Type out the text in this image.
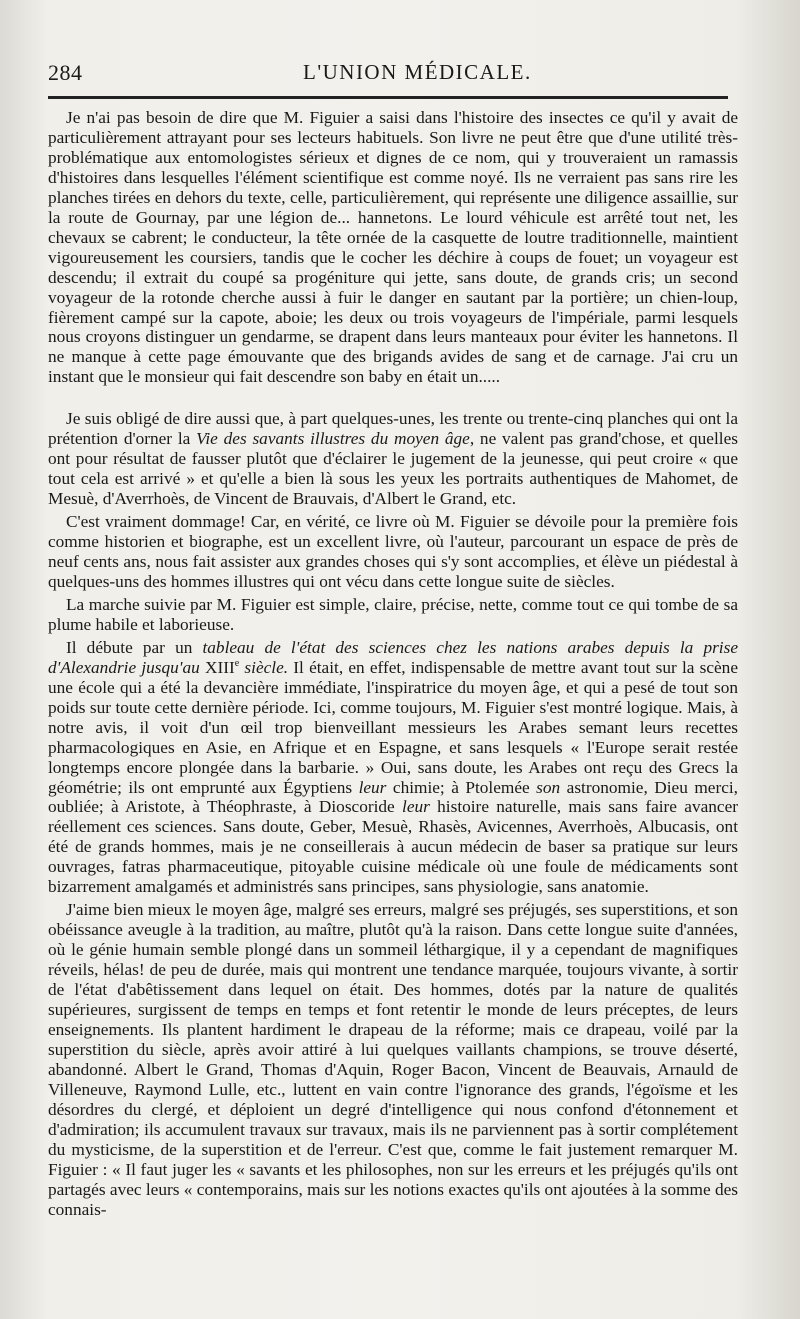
284	L'UNION MÉDICALE.

Je n'ai pas besoin de dire que M. Figuier a saisi dans l'histoire des insectes ce qu'il y avait de particulièrement attrayant pour ses lecteurs habituels. Son livre ne peut être que d'une utilité très-problématique aux entomologistes sérieux et dignes de ce nom, qui y trouveraient un ramassis d'histoires dans lesquelles l'élément scientifique est comme noyé. Ils ne verraient pas sans rire les planches tirées en dehors du texte, celle, particulièrement, qui représente une diligence assaillie, sur la route de Gournay, par une légion de... hannetons. Le lourd véhicule est arrêté tout net, les chevaux se cabrent; le conducteur, la tête ornée de la casquette de loutre traditionnelle, maintient vigoureusement les coursiers, tandis que le cocher les déchire à coups de fouet; un voyageur est descendu; il extrait du coupé sa progéniture qui jette, sans doute, de grands cris; un second voyageur de la rotonde cherche aussi à fuir le danger en sautant par la portière; un chien-loup, fièrement campé sur la capote, aboie; les deux ou trois voyageurs de l'impériale, parmi lesquels nous croyons distinguer un gendarme, se drapent dans leurs manteaux pour éviter les hannetons. Il ne manque à cette page émouvante que des brigands avides de sang et de carnage. J'ai cru un instant que le monsieur qui fait descendre son baby en était un.....

Je suis obligé de dire aussi que, à part quelques-unes, les trente ou trente-cinq planches qui ont la prétention d'orner la Vie des savants illustres du moyen âge, ne valent pas grand'chose, et quelles ont pour résultat de fausser plutôt que d'éclairer le jugement de la jeunesse, qui peut croire « que tout cela est arrivé » et qu'elle a bien là sous les yeux les portraits authentiques de Mahomet, de Mesuè, d'Averrhoès, de Vincent de Brauvais, d'Albert le Grand, etc.

C'est vraiment dommage! Car, en vérité, ce livre où M. Figuier se dévoile pour la première fois comme historien et biographe, est un excellent livre, où l'auteur, parcourant un espace de près de neuf cents ans, nous fait assister aux grandes choses qui s'y sont accomplies, et élève un piédestal à quelques-uns des hommes illustres qui ont vécu dans cette longue suite de siècles.

La marche suivie par M. Figuier est simple, claire, précise, nette, comme tout ce qui tombe de sa plume habile et laborieuse.

Il débute par un tableau de l'état des sciences chez les nations arabes depuis la prise d'Alexandrie jusqu'au XIIIe siècle. Il était, en effet, indispensable de mettre avant tout sur la scène une école qui a été la devancière immédiate, l'inspiratrice du moyen âge, et qui a pesé de tout son poids sur toute cette dernière période. Ici, comme toujours, M. Figuier s'est montré logique. Mais, à notre avis, il voit d'un œil trop bienveillant messieurs les Arabes semant leurs recettes pharmacologiques en Asie, en Afrique et en Espagne, et sans lesquels « l'Europe serait restée longtemps encore plongée dans la barbarie. » Oui, sans doute, les Arabes ont reçu des Grecs la géométrie; ils ont emprunté aux Égyptiens leur chimie; à Ptolemée son astronomie, Dieu merci, oubliée; à Aristote, à Théophraste, à Dioscoride leur histoire naturelle, mais sans faire avancer réellement ces sciences. Sans doute, Geber, Mesuè, Rhasès, Avicennes, Averrhoès, Albucasis, ont été de grands hommes, mais je ne conseillerais à aucun médecin de baser sa pratique sur leurs ouvrages, fatras pharmaceutique, pitoyable cuisine médicale où une foule de médicaments sont bizarrement amalgamés et administrés sans principes, sans physiologie, sans anatomie.

J'aime bien mieux le moyen âge, malgré ses erreurs, malgré ses préjugés, ses superstitions, et son obéissance aveugle à la tradition, au maître, plutôt qu'à la raison. Dans cette longue suite d'années, où le génie humain semble plongé dans un sommeil léthargique, il y a cependant de magnifiques réveils, hélas! de peu de durée, mais qui montrent une tendance marquée, toujours vivante, à sortir de l'état d'abêtissement dans lequel on était. Des hommes, dotés par la nature de qualités supérieures, surgissent de temps en temps et font retentir le monde de leurs préceptes, de leurs enseignements. Ils plantent hardiment le drapeau de la réforme; mais ce drapeau, voilé par la superstition du siècle, après avoir attiré à lui quelques vaillants champions, se trouve déserté, abandonné. Albert le Grand, Thomas d'Aquin, Roger Bacon, Vincent de Beauvais, Arnauld de Villeneuve, Raymond Lulle, etc., luttent en vain contre l'ignorance des grands, l'égoïsme et les désordres du clergé, et déploient un degré d'intelligence qui nous confond d'étonnement et d'admiration; ils accumulent travaux sur travaux, mais ils ne parviennent pas à sortir complétement du mysticisme, de la superstition et de l'erreur. C'est que, comme le fait justement remarquer M. Figuier : « Il faut juger les « savants et les philosophes, non sur les erreurs et les préjugés qu'ils ont partagés avec leurs « contemporains, mais sur les notions exactes qu'ils ont ajoutées à la somme des connais-
